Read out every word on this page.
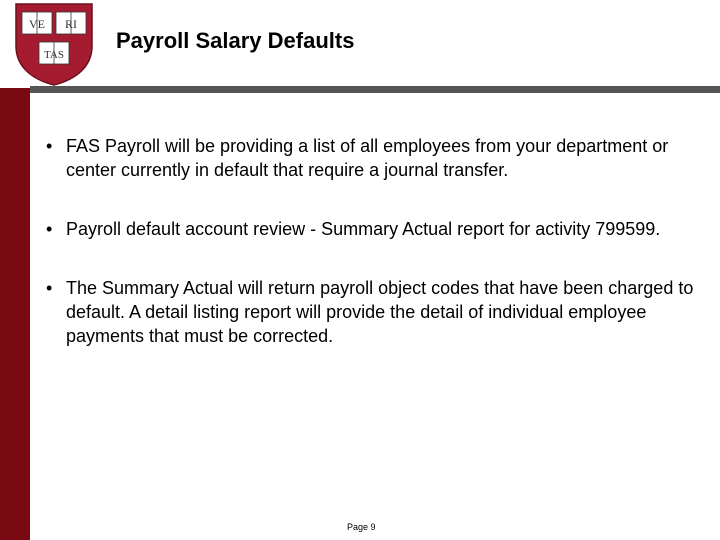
VE RI
TAS
Payroll Salary Defaults
• FAS Payroll will be providing a list of all employees from your department or center currently in default that require a journal transfer.
• Payroll default account review - Summary Actual report for activity 799599.
• The Summary Actual will return payroll object codes that have been charged to default. A detail listing report will provide the detail of individual employee payments that must be corrected.
Page 9
